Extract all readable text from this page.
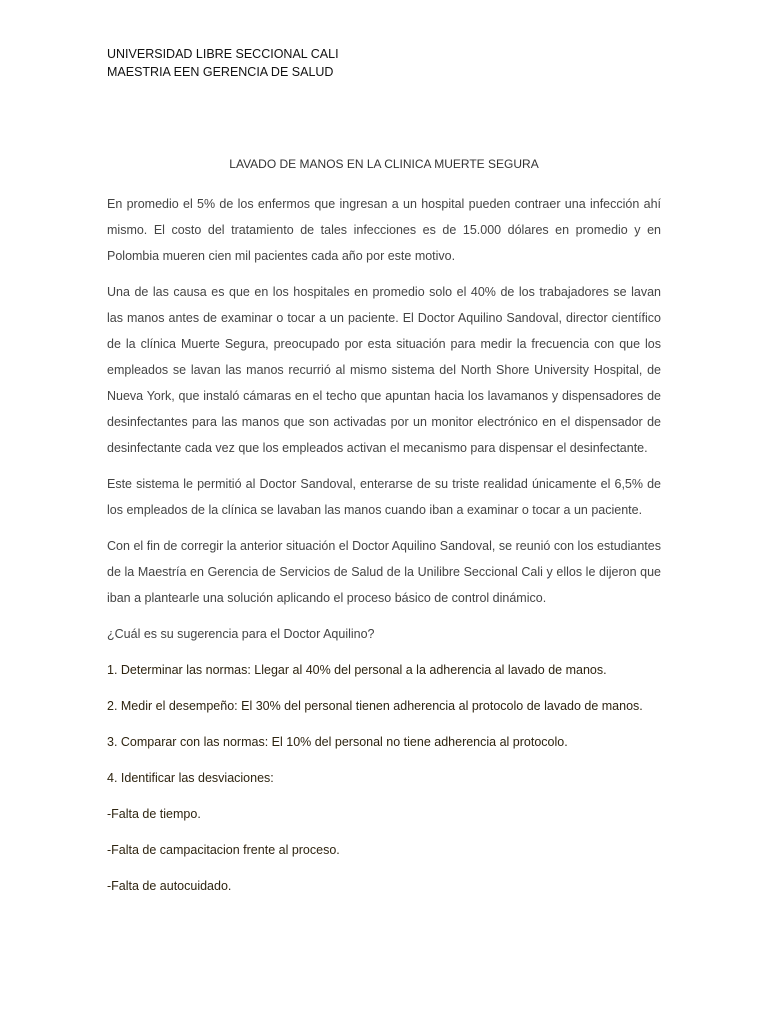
UNIVERSIDAD LIBRE SECCIONAL CALI
MAESTRIA EEN GERENCIA DE SALUD
LAVADO DE MANOS EN LA CLINICA MUERTE SEGURA

En promedio el 5% de los enfermos que ingresan a un hospital pueden contraer una infección ahí mismo. El costo del tratamiento de tales infecciones es de 15.000 dólares en promedio y en Polombia mueren cien mil pacientes cada año por este motivo.

Una de las causa es que en los hospitales en promedio solo el 40% de los trabajadores se lavan las manos antes de examinar o tocar a un paciente. El Doctor Aquilino Sandoval, director científico de la clínica Muerte Segura, preocupado por esta situación para medir la frecuencia con que los empleados se lavan las manos recurrió al mismo sistema del North Shore University Hospital, de Nueva York, que instaló cámaras en el techo que apuntan hacia los lavamanos y dispensadores de desinfectantes para las manos que son activadas por un monitor electrónico en el dispensador de desinfectante cada vez que los empleados activan el mecanismo para dispensar el desinfectante.

Este sistema le permitió al Doctor Sandoval, enterarse de su triste realidad únicamente el 6,5% de los empleados de la clínica se lavaban las manos cuando iban a examinar o tocar a un paciente.

Con el fin de corregir la anterior situación el Doctor Aquilino Sandoval, se reunió con los estudiantes de la Maestría en Gerencia de Servicios de Salud de la Unilibre Seccional Cali y ellos le dijeron que iban a plantearle una solución aplicando el proceso básico de control dinámico.

¿Cuál es su sugerencia para el Doctor Aquilino?

1. Determinar las normas: Llegar al 40% del personal a la adherencia al lavado de manos.

2. Medir el desempeño: El 30% del personal tienen adherencia al protocolo de lavado de manos.

3. Comparar con las normas: El 10% del personal no tiene adherencia al protocolo.

4. Identificar las desviaciones:

-Falta de tiempo.

-Falta de campacitacion frente al proceso.

-Falta de autocuidado.
